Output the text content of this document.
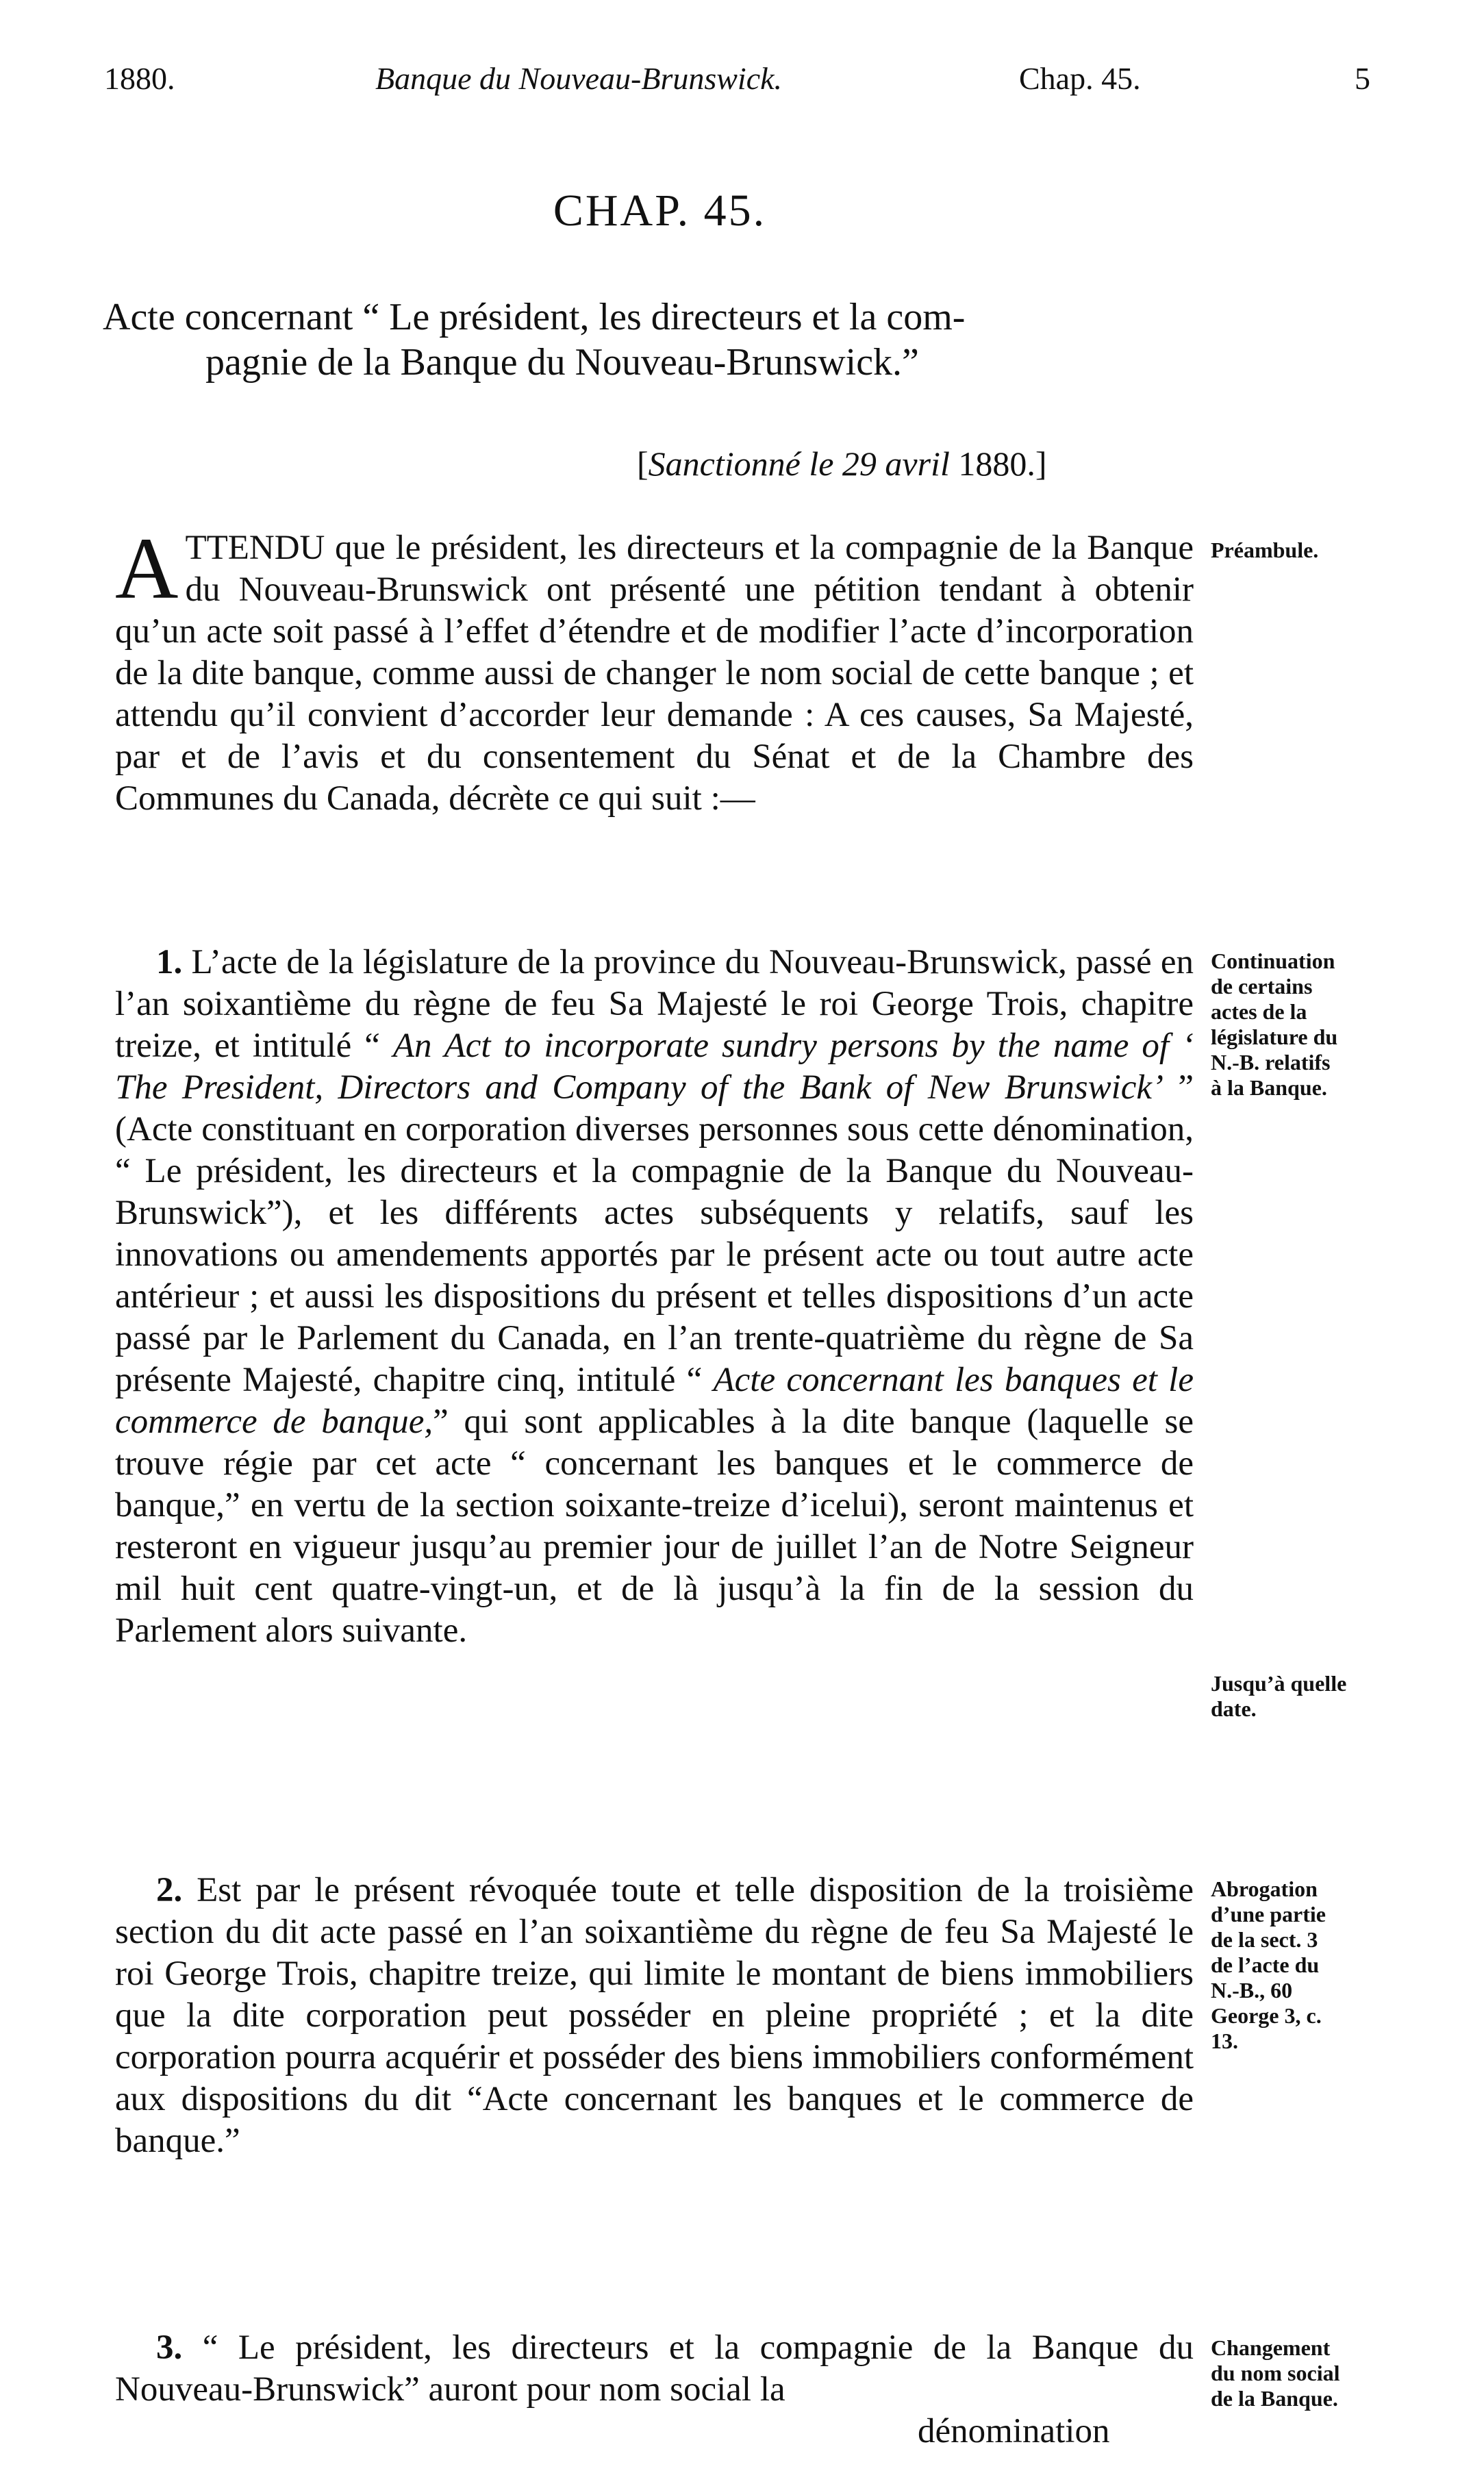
1880.	Banque du Nouveau-Brunswick.	Chap. 45.	5
CHAP. 45.
Acte concernant “ Le président, les directeurs et la com-
pagnie de la Banque du Nouveau-Brunswick.”
[Sanctionné le 29 avril 1880.]

ATTENDU que le président, les directeurs et la compagnie de la Banque du Nouveau-Brunswick ont présenté une pétition tendant à obtenir qu’un acte soit passé à l’effet d’étendre et de modifier l’acte d’incorporation de la dite banque, comme aussi de changer le nom social de cette banque ; et attendu qu’il convient d’accorder leur demande : A ces causes, Sa Majesté, par et de l’avis et du consentement du Sénat et de la Chambre des Communes du Canada, décrète ce qui suit :—

1. L’acte de la législature de la province du Nouveau-Brunswick, passé en l’an soixantième du règne de feu Sa Majesté le roi George Trois, chapitre treize, et intitulé “ An Act to incorporate sundry persons by the name of ‘ The President, Directors and Company of the Bank of New Brunswick’ ” (Acte constituant en corporation diverses personnes sous cette dénomination, “ Le président, les directeurs et la compagnie de la Banque du Nouveau-Brunswick”), et les différents actes subséquents y relatifs, sauf les innovations ou amendements apportés par le présent acte ou tout autre acte antérieur ; et aussi les dispositions du présent et telles dispositions d’un acte passé par le Parlement du Canada, en l’an trente-quatrième du règne de Sa présente Majesté, chapitre cinq, intitulé “ Acte concernant les banques et le commerce de banque,” qui sont applicables à la dite banque (laquelle se trouve régie par cet acte “ concernant les banques et le commerce de banque,” en vertu de la section soixante-treize d’icelui), seront maintenus et resteront en vigueur jusqu’au premier jour de juillet l’an de Notre Seigneur mil huit cent quatre-vingt-un, et de là jusqu’à la fin de la session du Parlement alors suivante.

2. Est par le présent révoquée toute et telle disposition de la troisième section du dit acte passé en l’an soixantième du règne de feu Sa Majesté le roi George Trois, chapitre treize, qui limite le montant de biens immobiliers que la dite corporation peut posséder en pleine propriété ; et la dite corporation pourra acquérir et posséder des biens immobiliers conformément aux dispositions du dit “Acte concernant les banques et le commerce de banque.”

3. “ Le président, les directeurs et la compagnie de la Banque du Nouveau-Brunswick” auront pour nom social la

dénomination
Préambule.
Continuation
de certains
actes de la
législature du
N.-B. relatifs
à la Banque.
Jusqu’à quelle
date.
Abrogation
d’une partie
de la sect. 3
de l’acte du
N.-B., 60
George 3, c.
13.
Changement
du nom social
de la Banque.
